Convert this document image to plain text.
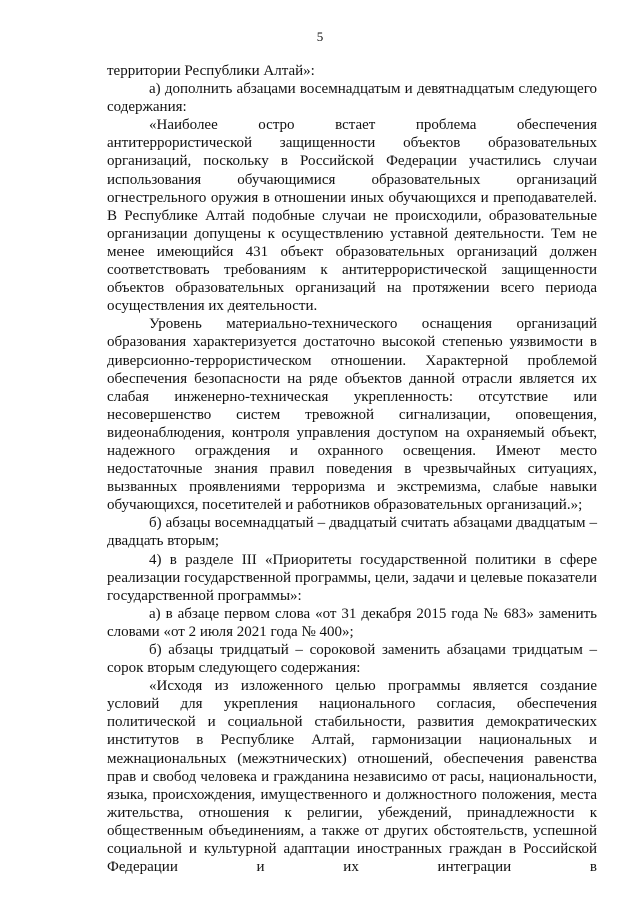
5

территории Республики Алтай»:

а) дополнить абзацами восемнадцатым и девятнадцатым следующего содержания:

«Наиболее остро встает проблема обеспечения антитеррористической защищенности объектов образовательных организаций, поскольку в Российской Федерации участились случаи использования обучающимися образовательных организаций огнестрельного оружия в отношении иных обучающихся и преподавателей. В Республике Алтай подобные случаи не происходили, образовательные организации допущены к осуществлению уставной деятельности. Тем не менее имеющийся 431 объект образовательных организаций должен соответствовать требованиям к антитеррористической защищенности объектов образовательных организаций на протяжении всего периода осуществления их деятельности.

Уровень материально-технического оснащения организаций образования характеризуется достаточно высокой степенью уязвимости в диверсионно-террористическом отношении. Характерной проблемой обеспечения безопасности на ряде объектов данной отрасли является их слабая инженерно-техническая укрепленность: отсутствие или несовершенство систем тревожной сигнализации, оповещения, видеонаблюдения, контроля управления доступом на охраняемый объект, надежного ограждения и охранного освещения. Имеют место недостаточные знания правил поведения в чрезвычайных ситуациях, вызванных проявлениями терроризма и экстремизма, слабые навыки обучающихся, посетителей и работников образовательных организаций.»;

б) абзацы восемнадцатый – двадцатый считать абзацами двадцатым – двадцать вторым;

4) в разделе III «Приоритеты государственной политики в сфере реализации государственной программы, цели, задачи и целевые показатели государственной программы»:

а) в абзаце первом слова «от 31 декабря 2015 года № 683» заменить словами «от 2 июля 2021 года № 400»;

б) абзацы тридцатый – сороковой заменить абзацами тридцатым – сорок вторым следующего содержания:

«Исходя из изложенного целью программы является создание условий для укрепления национального согласия, обеспечения политической и социальной стабильности, развития демократических институтов в Республике Алтай, гармонизации национальных и межнациональных (межэтнических) отношений, обеспечения равенства прав и свобод человека и гражданина независимо от расы, национальности, языка, происхождения, имущественного и должностного положения, места жительства, отношения к религии, убеждений, принадлежности к общественным объединениям, а также от других обстоятельств, успешной социальной и культурной адаптации иностранных граждан в Российской Федерации и их интеграции в
